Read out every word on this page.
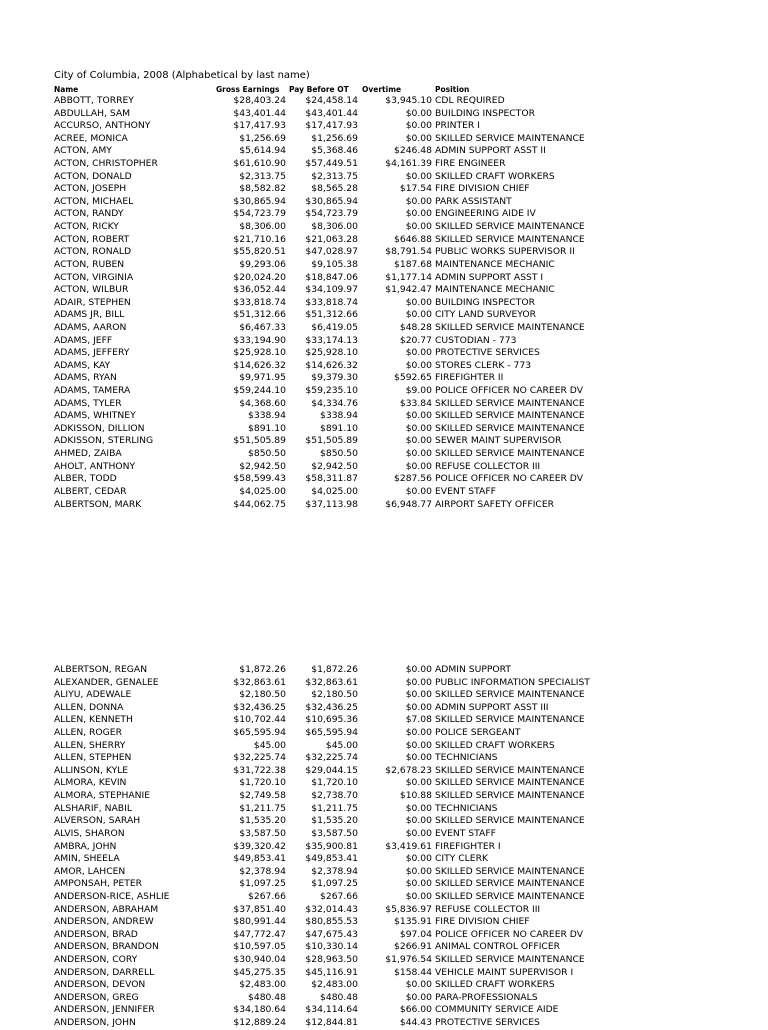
City of Columbia, 2008 (Alphabetical by last name)
Name	Gross Earnings Pay Before OT Overtime	Position
ABBOTT, TORREY	$28,403.24 $24,458.14	$3,945.10 CDL REQUIRED
ABDULLAH, SAM	$43,401.44 $43,401.44	$0.00 BUILDING INSPECTOR
ACCURSO, ANTHONY	$17,417.93 $17,417.93	$0.00 PRINTER I
ACREE, MONICA	$1,256.69	$1,256.69	$0.00 SKILLED SERVICE MAINTENANCE
ACTON, AMY	$5,614.94	$5,368.46	$246.48 ADMIN SUPPORT ASST II
ACTON, CHRISTOPHER	$61,610.90 $57,449.51	$4,161.39 FIRE ENGINEER
ACTON, DONALD	$2,313.75	$2,313.75	$0.00 SKILLED CRAFT WORKERS
ACTON, JOSEPH	$8,582.82	$8,565.28	$17.54 FIRE DIVISION CHIEF
ACTON, MICHAEL	$30,865.94 $30,865.94	$0.00 PARK ASSISTANT
ACTON, RANDY	$54,723.79 $54,723.79	$0.00 ENGINEERING AIDE IV
ACTON, RICKY	$8,306.00	$8,306.00	$0.00 SKILLED SERVICE MAINTENANCE
ACTON, ROBERT	$21,710.16 $21,063.28	$646.88 SKILLED SERVICE MAINTENANCE
ACTON, RONALD	$55,820.51 $47,028.97	$8,791.54 PUBLIC WORKS SUPERVISOR II
ACTON, RUBEN	$9,293.06	$9,105.38	$187.68 MAINTENANCE MECHANIC
ACTON, VIRGINIA	$20,024.20 $18,847.06	$1,177.14 ADMIN SUPPORT ASST I
ACTON, WILBUR	$36,052.44 $34,109.97	$1,942.47 MAINTENANCE MECHANIC
ADAIR, STEPHEN	$33,818.74 $33,818.74	$0.00 BUILDING INSPECTOR
ADAMS JR, BILL	$51,312.66 $51,312.66	$0.00 CITY LAND SURVEYOR
ADAMS, AARON	$6,467.33	$6,419.05	$48.28 SKILLED SERVICE MAINTENANCE
ADAMS, JEFF	$33,194.90 $33,174.13	$20.77 CUSTODIAN - 773
ADAMS, JEFFERY	$25,928.10 $25,928.10	$0.00 PROTECTIVE SERVICES
ADAMS, KAY	$14,626.32 $14,626.32	$0.00 STORES CLERK - 773
ADAMS, RYAN	$9,971.95	$9,379.30	$592.65 FIREFIGHTER II
ADAMS, TAMERA	$59,244.10 $59,235.10	$9.00 POLICE OFFICER NO CAREER DV
ADAMS, TYLER	$4,368.60	$4,334.76	$33.84 SKILLED SERVICE MAINTENANCE
ADAMS, WHITNEY	$338.94	$338.94	$0.00 SKILLED SERVICE MAINTENANCE
ADKISSON, DILLION	$891.10	$891.10	$0.00 SKILLED SERVICE MAINTENANCE
ADKISSON, STERLING	$51,505.89 $51,505.89	$0.00 SEWER MAINT SUPERVISOR
AHMED, ZAIBA	$850.50	$850.50	$0.00 SKILLED SERVICE MAINTENANCE
AHOLT, ANTHONY	$2,942.50	$2,942.50	$0.00 REFUSE COLLECTOR III
ALBER, TODD	$58,599.43 $58,311.87	$287.56 POLICE OFFICER NO CAREER DV
ALBERT, CEDAR	$4,025.00	$4,025.00	$0.00 EVENT STAFF
ALBERTSON, MARK	$44,062.75 $37,113.98	$6,948.77 AIRPORT SAFETY OFFICER
ALBERTSON, REGAN	$1,872.26	$1,872.26	$0.00 ADMIN SUPPORT
ALEXANDER, GENALEE	$32,863.61 $32,863.61	$0.00 PUBLIC INFORMATION SPECIALIST
ALIYU, ADEWALE	$2,180.50	$2,180.50	$0.00 SKILLED SERVICE MAINTENANCE
ALLEN, DONNA	$32,436.25 $32,436.25	$0.00 ADMIN SUPPORT ASST III
ALLEN, KENNETH	$10,702.44 $10,695.36	$7.08 SKILLED SERVICE MAINTENANCE
ALLEN, ROGER	$65,595.94 $65,595.94	$0.00 POLICE SERGEANT
ALLEN, SHERRY	$45.00	$45.00	$0.00 SKILLED CRAFT WORKERS
ALLEN, STEPHEN	$32,225.74 $32,225.74	$0.00 TECHNICIANS
ALLINSON, KYLE	$31,722.38 $29,044.15	$2,678.23 SKILLED SERVICE MAINTENANCE
ALMORA, KEVIN	$1,720.10	$1,720.10	$0.00 SKILLED SERVICE MAINTENANCE
ALMORA, STEPHANIE	$2,749.58	$2,738.70	$10.88 SKILLED SERVICE MAINTENANCE
ALSHARIF, NABIL	$1,211.75	$1,211.75	$0.00 TECHNICIANS
ALVERSON, SARAH	$1,535.20	$1,535.20	$0.00 SKILLED SERVICE MAINTENANCE
ALVIS, SHARON	$3,587.50	$3,587.50	$0.00 EVENT STAFF
AMBRA, JOHN	$39,320.42 $35,900.81	$3,419.61 FIREFIGHTER I
AMIN, SHEELA	$49,853.41 $49,853.41	$0.00 CITY CLERK
AMOR, LAHCEN	$2,378.94	$2,378.94	$0.00 SKILLED SERVICE MAINTENANCE
AMPONSAH, PETER	$1,097.25	$1,097.25	$0.00 SKILLED SERVICE MAINTENANCE
ANDERSON-RICE, ASHLIE	$267.66	$267.66	$0.00 SKILLED SERVICE MAINTENANCE
ANDERSON, ABRAHAM	$37,851.40 $32,014.43	$5,836.97 REFUSE COLLECTOR III
ANDERSON, ANDREW	$80,991.44 $80,855.53	$135.91 FIRE DIVISION CHIEF
ANDERSON, BRAD	$47,772.47 $47,675.43	$97.04 POLICE OFFICER NO CAREER DV
ANDERSON, BRANDON	$10,597.05 $10,330.14	$266.91 ANIMAL CONTROL OFFICER
ANDERSON, CORY	$30,940.04 $28,963.50	$1,976.54 SKILLED SERVICE MAINTENANCE
ANDERSON, DARRELL	$45,275.35 $45,116.91	$158.44 VEHICLE MAINT SUPERVISOR I
ANDERSON, DEVON	$2,483.00	$2,483.00	$0.00 SKILLED CRAFT WORKERS
ANDERSON, GREG	$480.48	$480.48	$0.00 PARA-PROFESSIONALS
ANDERSON, JENNIFER	$34,180.64 $34,114.64	$66.00 COMMUNITY SERVICE AIDE
ANDERSON, JOHN	$12,889.24 $12,844.81	$44.43 PROTECTIVE SERVICES
